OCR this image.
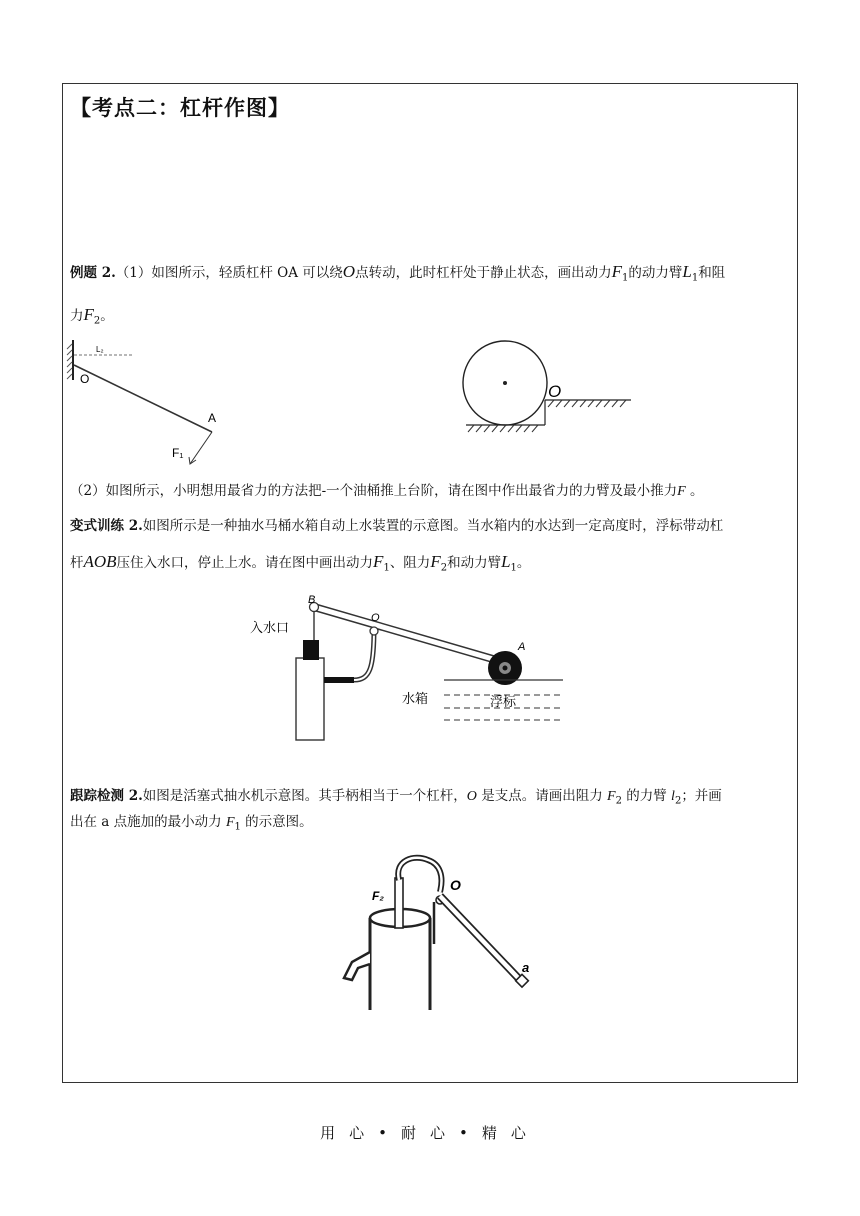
【考点二：杠杆作图】
例题 2.（1）如图所示，轻质杠杆 OA 可以绕O点转动，此时杠杆处于静止状态，画出动力$F_1$的动力臂$L_1$和阻
力$F_2$。
L₂
O
A
F₁
O
（2）如图所示，小明想用最省力的方法把-一个油桶推上台阶，请在图中作出最省力的力臂及最小推力F 。
变式训练 2.如图所示是一种抽水马桶水箱自动上水装置的示意图。当水箱内的水达到一定高度时，浮标带动杠
杆AOB压住入水口，停止上水。请在图中画出动力$F_1$、阻力$F_2$和动力臂$L_1$。
B
O
A
入水口
水箱	浮标
跟踪检测 2.如图是活塞式抽水机示意图。其手柄相当于一个杠杆，O 是支点。请画出阻力 $F_2$ 的力臂 $l_2$；并画
出在 a 点施加的最小动力 $F_1$ 的示意图。
F₂
O
a
用心•耐心•精心
